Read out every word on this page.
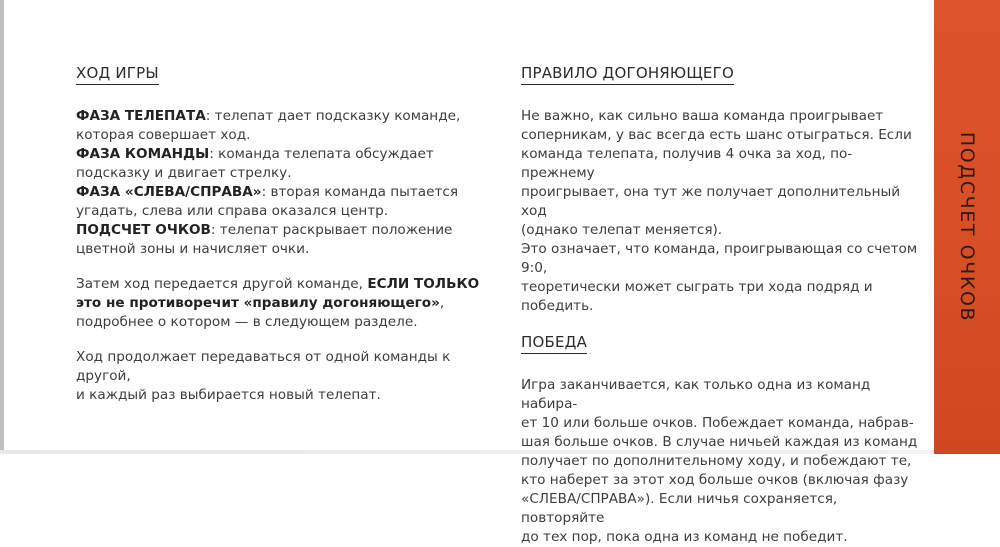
ХОД ИГРЫ
ФАЗА ТЕЛЕПАТА: телепат дает подсказку команде,
которая совершает ход.
ФАЗА КОМАНДЫ: команда телепата обсуждает
подсказку и двигает стрелку.
ФАЗА «СЛЕВА/СПРАВА»: вторая команда пытается
угадать, слева или справа оказался центр.
ПОДСЧЕТ ОЧКОВ: телепат раскрывает положение
цветной зоны и начисляет очки.
Затем ход передается другой команде, ЕСЛИ ТОЛЬКО
это не противоречит «правилу догоняющего»,
подробнее о котором — в следующем разделе.
Ход продолжает передаваться от одной команды к другой,
и каждый раз выбирается новый телепат.
ПРАВИЛО ДОГОНЯЮЩЕГО
Не важно, как сильно ваша команда проигрывает
соперникам, у вас всегда есть шанс отыграться. Если
команда телепата, получив 4 очка за ход, по-прежнему
проигрывает, она тут же получает дополнительный ход
(однако телепат меняется).
Это означает, что команда, проигрывающая со счетом 9:0,
теоретически может сыграть три хода подряд и победить.
ПОБЕДА
Игра заканчивается, как только одна из команд набира-
ет 10 или больше очков. Побеждает команда, набрав-
шая больше очков. В случае ничьей каждая из команд
получает по дополнительному ходу, и побеждают те,
кто наберет за этот ход больше очков (включая фазу
«СЛЕВА/СПРАВА»). Если ничья сохраняется, повторяйте
до тех пор, пока одна из команд не победит.
ПОДСЧЕТ ОЧКОВ
